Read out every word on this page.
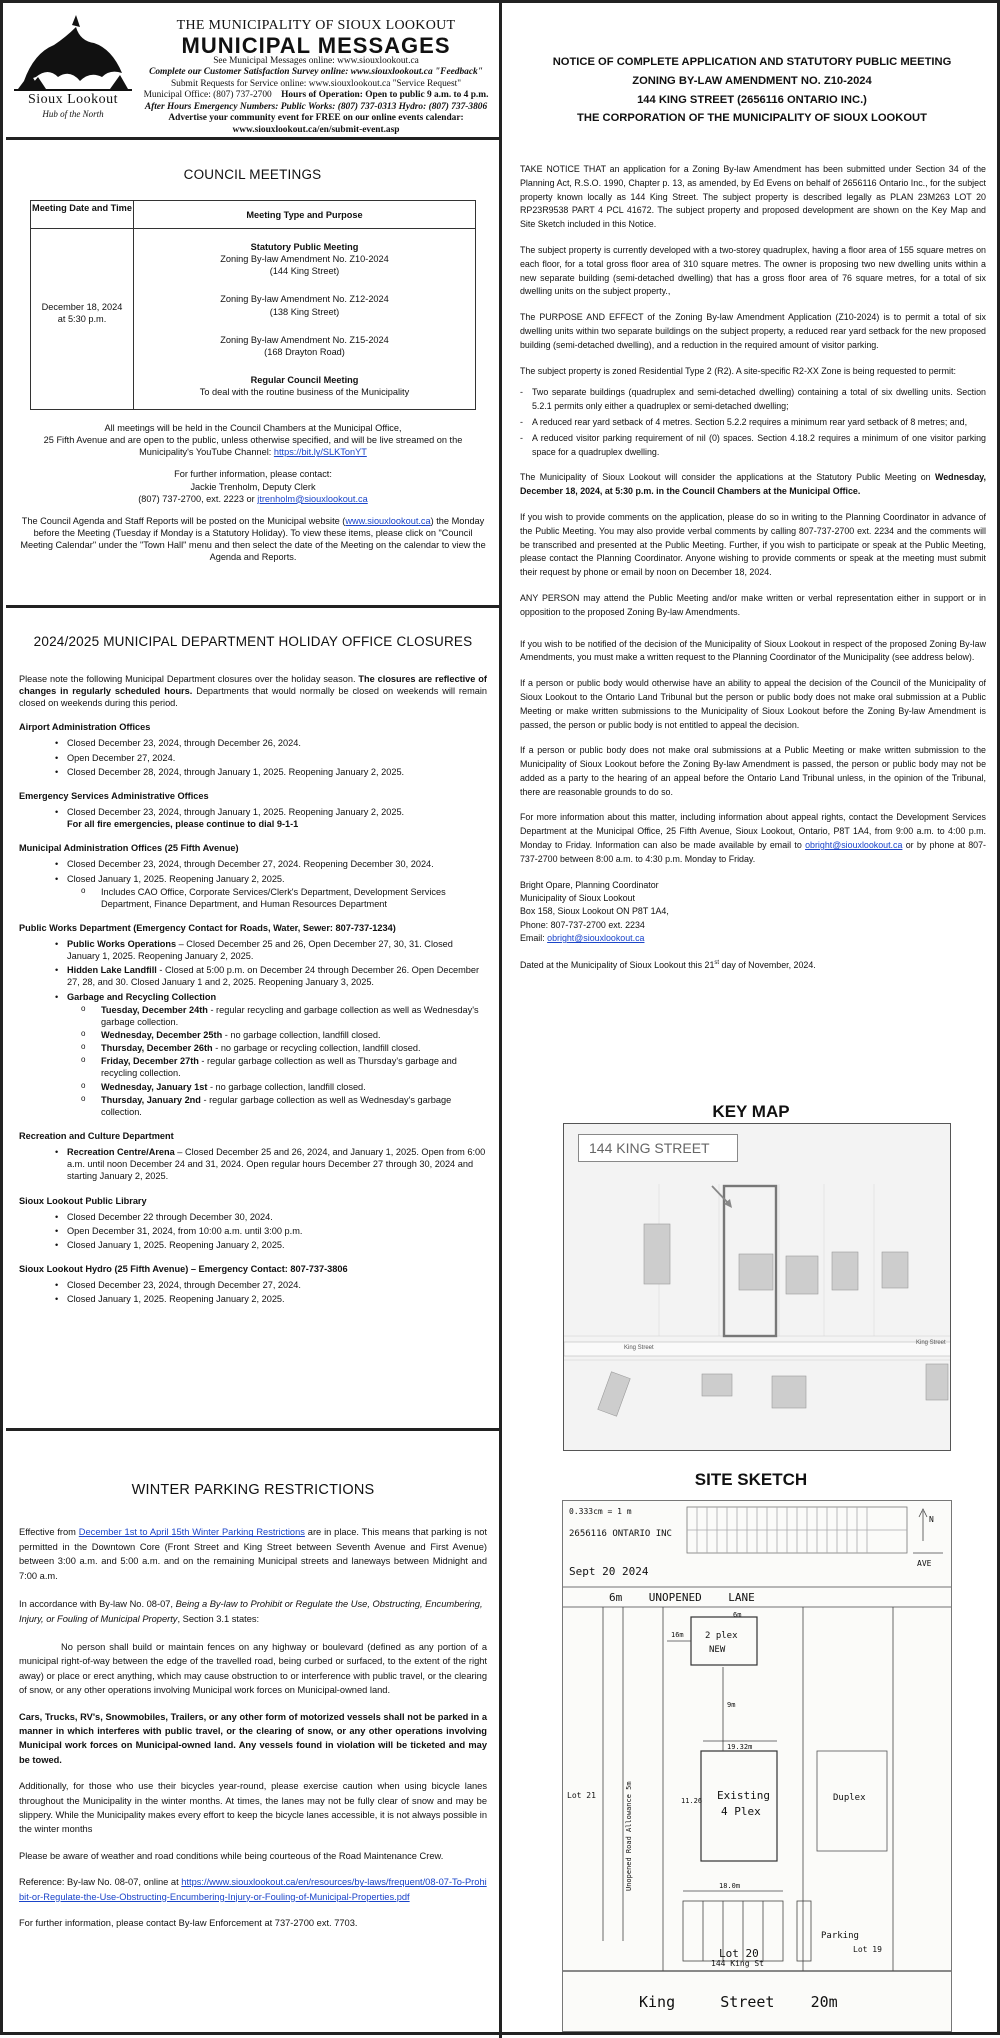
Sioux Lookout
Hub of the North
THE MUNICIPALITY OF SIOUX LOOKOUT
MUNICIPAL MESSAGES
See Municipal Messages online: www.siouxlookout.ca
Complete our Customer Satisfaction Survey online: www.siouxlookout.ca "Feedback"
Submit Requests for Service online: www.siouxlookout.ca "Service Request"
Municipal Office: (807) 737-2700 Hours of Operation: Open to public 9 a.m. to 4 p.m.
After Hours Emergency Numbers: Public Works: (807) 737-0313 Hydro: (807) 737-3806
Advertise your community event for FREE on our online events calendar:
www.siouxlookout.ca/en/submit-event.asp
COUNCIL MEETINGS
Meeting Date and Time
Meeting Type and Purpose
December 18, 2024
at 5:30 p.m.
Statutory Public Meeting
Zoning By-law Amendment No. Z10-2024
(144 King Street)
Zoning By-law Amendment No. Z12-2024
(138 King Street)
Zoning By-law Amendment No. Z15-2024
(168 Drayton Road)
Regular Council Meeting
To deal with the routine business of the Municipality
All meetings will be held in the Council Chambers at the Municipal Office,
25 Fifth Avenue and are open to the public, unless otherwise specified, and will be live streamed on the
Municipality's YouTube Channel: https://bit.ly/SLKTonYT
For further information, please contact:
Jackie Trenholm, Deputy Clerk
(807) 737-2700, ext. 2223 or jtrenholm@siouxlookout.ca
The Council Agenda and Staff Reports will be posted on the Municipal website (www.siouxlookout.ca) the Monday before the Meeting (Tuesday if Monday is a Statutory Holiday). To view these items, please click on "Council Meeting Calendar" under the "Town Hall" menu and then select the date of the Meeting on the calendar to view the Agenda and Reports.
2024/2025 MUNICIPAL DEPARTMENT HOLIDAY OFFICE CLOSURES

Please note the following Municipal Department closures over the holiday season. The closures are reflective of changes in regularly scheduled hours. Departments that would normally be closed on weekends will remain closed on weekends during this period.

Airport Administration Offices
• Closed December 23, 2024, through December 26, 2024.
• Open December 27, 2024.
• Closed December 28, 2024, through January 1, 2025. Reopening January 2, 2025.
Emergency Services Administrative Offices
• Closed December 23, 2024, through January 1, 2025. Reopening January 2, 2025.
For all fire emergencies, please continue to dial 9-1-1
Municipal Administration Offices (25 Fifth Avenue)
• Closed December 23, 2024, through December 27, 2024. Reopening December 30, 2024.
• Closed January 1, 2025. Reopening January 2, 2025.
o Includes CAO Office, Corporate Services/Clerk's Department, Development Services Department, Finance Department, and Human Resources Department
Public Works Department (Emergency Contact for Roads, Water, Sewer: 807-737-1234)
• Public Works Operations – Closed December 25 and 26, Open December 27, 30, 31. Closed January 1, 2025. Reopening January 2, 2025.
• Hidden Lake Landfill - Closed at 5:00 p.m. on December 24 through December 26. Open December 27, 28, and 30. Closed January 1 and 2, 2025. Reopening January 3, 2025.
• Garbage and Recycling Collection
o Tuesday, December 24th - regular recycling and garbage collection as well as Wednesday's garbage collection.
o Wednesday, December 25th - no garbage collection, landfill closed.
o Thursday, December 26th - no garbage or recycling collection, landfill closed.
o Friday, December 27th - regular garbage collection as well as Thursday's garbage and recycling collection.
o Wednesday, January 1st - no garbage collection, landfill closed.
o Thursday, January 2nd - regular garbage collection as well as Wednesday's garbage collection.
Recreation and Culture Department
• Recreation Centre/Arena – Closed December 25 and 26, 2024, and January 1, 2025. Open from 6:00 a.m. until noon December 24 and 31, 2024. Open regular hours December 27 through 30, 2024 and starting January 2, 2025.
Sioux Lookout Public Library
• Closed December 22 through December 30, 2024.
• Open December 31, 2024, from 10:00 a.m. until 3:00 p.m.
• Closed January 1, 2025. Reopening January 2, 2025.
Sioux Lookout Hydro (25 Fifth Avenue) – Emergency Contact: 807-737-3806
• Closed December 23, 2024, through December 27, 2024.
• Closed January 1, 2025. Reopening January 2, 2025.
WINTER PARKING RESTRICTIONS

Effective from December 1st to April 15th Winter Parking Restrictions are in place. This means that parking is not permitted in the Downtown Core (Front Street and King Street between Seventh Avenue and First Avenue) between 3:00 a.m. and 5:00 a.m. and on the remaining Municipal streets and laneways between Midnight and 7:00 a.m.

In accordance with By-law No. 08-07, Being a By-law to Prohibit or Regulate the Use, Obstructing, Encumbering, Injury, or Fouling of Municipal Property, Section 3.1 states:

No person shall build or maintain fences on any highway or boulevard (defined as any portion of a municipal right-of-way between the edge of the travelled road, being curbed or surfaced, to the extent of the right away) or place or erect anything, which may cause obstruction to or interference with public travel, or the clearing of snow, or any other operations involving Municipal work forces on Municipal-owned land.

Cars, Trucks, RV's, Snowmobiles, Trailers, or any other form of motorized vessels shall not be parked in a manner in which interferes with public travel, or the clearing of snow, or any other operations involving Municipal work forces on Municipal-owned land. Any vessels found in violation will be ticketed and may be towed.

Additionally, for those who use their bicycles year-round, please exercise caution when using bicycle lanes throughout the Municipality in the winter months. At times, the lanes may not be fully clear of snow and may be slippery. While the Municipality makes every effort to keep the bicycle lanes accessible, it is not always possible in the winter months

Please be aware of weather and road conditions while being courteous of the Road Maintenance Crew.

Reference: By-law No. 08-07, online at https://www.siouxlookout.ca/en/resources/by-laws/frequent/08-07-To-Prohibit-or-Regulate-the-Use-Obstructing-Encumbering-Injury-or-Fouling-of-Municipal-Properties.pdf

For further information, please contact By-law Enforcement at 737-2700 ext. 7703.

NOTICE OF COMPLETE APPLICATION AND STATUTORY PUBLIC MEETING
ZONING BY-LAW AMENDMENT NO. Z10-2024
144 KING STREET (2656116 ONTARIO INC.)
THE CORPORATION OF THE MUNICIPALITY OF SIOUX LOOKOUT

TAKE NOTICE THAT an application for a Zoning By-law Amendment has been submitted under Section 34 of the Planning Act, R.S.O. 1990, Chapter p. 13, as amended, by Ed Evens on behalf of 2656116 Ontario Inc., for the subject property known locally as 144 King Street. The subject property is described legally as PLAN 23M263 LOT 20 RP23R9538 PART 4 PCL 41672. The subject property and proposed development are shown on the Key Map and Site Sketch included in this Notice.

The subject property is currently developed with a two-storey quadruplex, having a floor area of 155 square metres on each floor, for a total gross floor area of 310 square metres. The owner is proposing two new dwelling units within a new separate building (semi-detached dwelling) that has a gross floor area of 76 square metres, for a total of six dwelling units on the subject property.,

The PURPOSE AND EFFECT of the Zoning By-law Amendment Application (Z10-2024) is to permit a total of six dwelling units within two separate buildings on the subject property, a reduced rear yard setback for the new proposed building (semi-detached dwelling), and a reduction in the required amount of visitor parking.

The subject property is zoned Residential Type 2 (R2). A site-specific R2-XX Zone is being requested to permit:

- Two separate buildings (quadruplex and semi-detached dwelling) containing a total of six dwelling units. Section 5.2.1 permits only either a quadruplex or semi-detached dwelling;
- A reduced rear yard setback of 4 metres. Section 5.2.2 requires a minimum rear yard setback of 8 metres; and,
- A reduced visitor parking requirement of nil (0) spaces. Section 4.18.2 requires a minimum of one visitor parking space for a quadruplex dwelling.

The Municipality of Sioux Lookout will consider the applications at the Statutory Public Meeting on Wednesday, December 18, 2024, at 5:30 p.m. in the Council Chambers at the Municipal Office.

If you wish to provide comments on the application, please do so in writing to the Planning Coordinator in advance of the Public Meeting. You may also provide verbal comments by calling 807-737-2700 ext. 2234 and the comments will be transcribed and presented at the Public Meeting. Further, if you wish to participate or speak at the Public Meeting, please contact the Planning Coordinator. Anyone wishing to provide comments or speak at the meeting must submit their request by phone or email by noon on December 18, 2024.

ANY PERSON may attend the Public Meeting and/or make written or verbal representation either in support or in opposition to the proposed Zoning By-law Amendments.

If you wish to be notified of the decision of the Municipality of Sioux Lookout in respect of the proposed Zoning By-law Amendments, you must make a written request to the Planning Coordinator of the Municipality (see address below).

If a person or public body would otherwise have an ability to appeal the decision of the Council of the Municipality of Sioux Lookout to the Ontario Land Tribunal but the person or public body does not make oral submission at a Public Meeting or make written submissions to the Municipality of Sioux Lookout before the Zoning By-law Amendment is passed, the person or public body is not entitled to appeal the decision.

If a person or public body does not make oral submissions at a Public Meeting or make written submission to the Municipality of Sioux Lookout before the Zoning By-law Amendment is passed, the person or public body may not be added as a party to the hearing of an appeal before the Ontario Land Tribunal unless, in the opinion of the Tribunal, there are reasonable grounds to do so.

For more information about this matter, including information about appeal rights, contact the Development Services Department at the Municipal Office, 25 Fifth Avenue, Sioux Lookout, Ontario, P8T 1A4, from 9:00 a.m. to 4:00 p.m. Monday to Friday. Information can also be made available by email to obright@siouxlookout.ca or by phone at 807-737-2700 between 8:00 a.m. to 4:30 p.m. Monday to Friday.

Bright Opare, Planning Coordinator
Municipality of Sioux Lookout
Box 158, Sioux Lookout ON P8T 1A4,
Phone: 807-737-2700 ext. 2234
Email: obright@siouxlookout.ca

Dated at the Municipality of Sioux Lookout this 21st day of November, 2024.

KEY MAP
144 KING STREET
King Street
King Street
SITE SKETCH
0.333cm = 1 m
2656116 ONTARIO INC
Sept 20 2024
6m    UNOPENED    LANE
2 plex
NEW
Existing
4 Plex
Duplex
Parking
Lot 20
144 King St
King     Street    20m
N
AVE
Lot 19
Lot 21	Unopened Road Allowance 5m
16m
9m
6m
19.32m
18.0m
11.26
